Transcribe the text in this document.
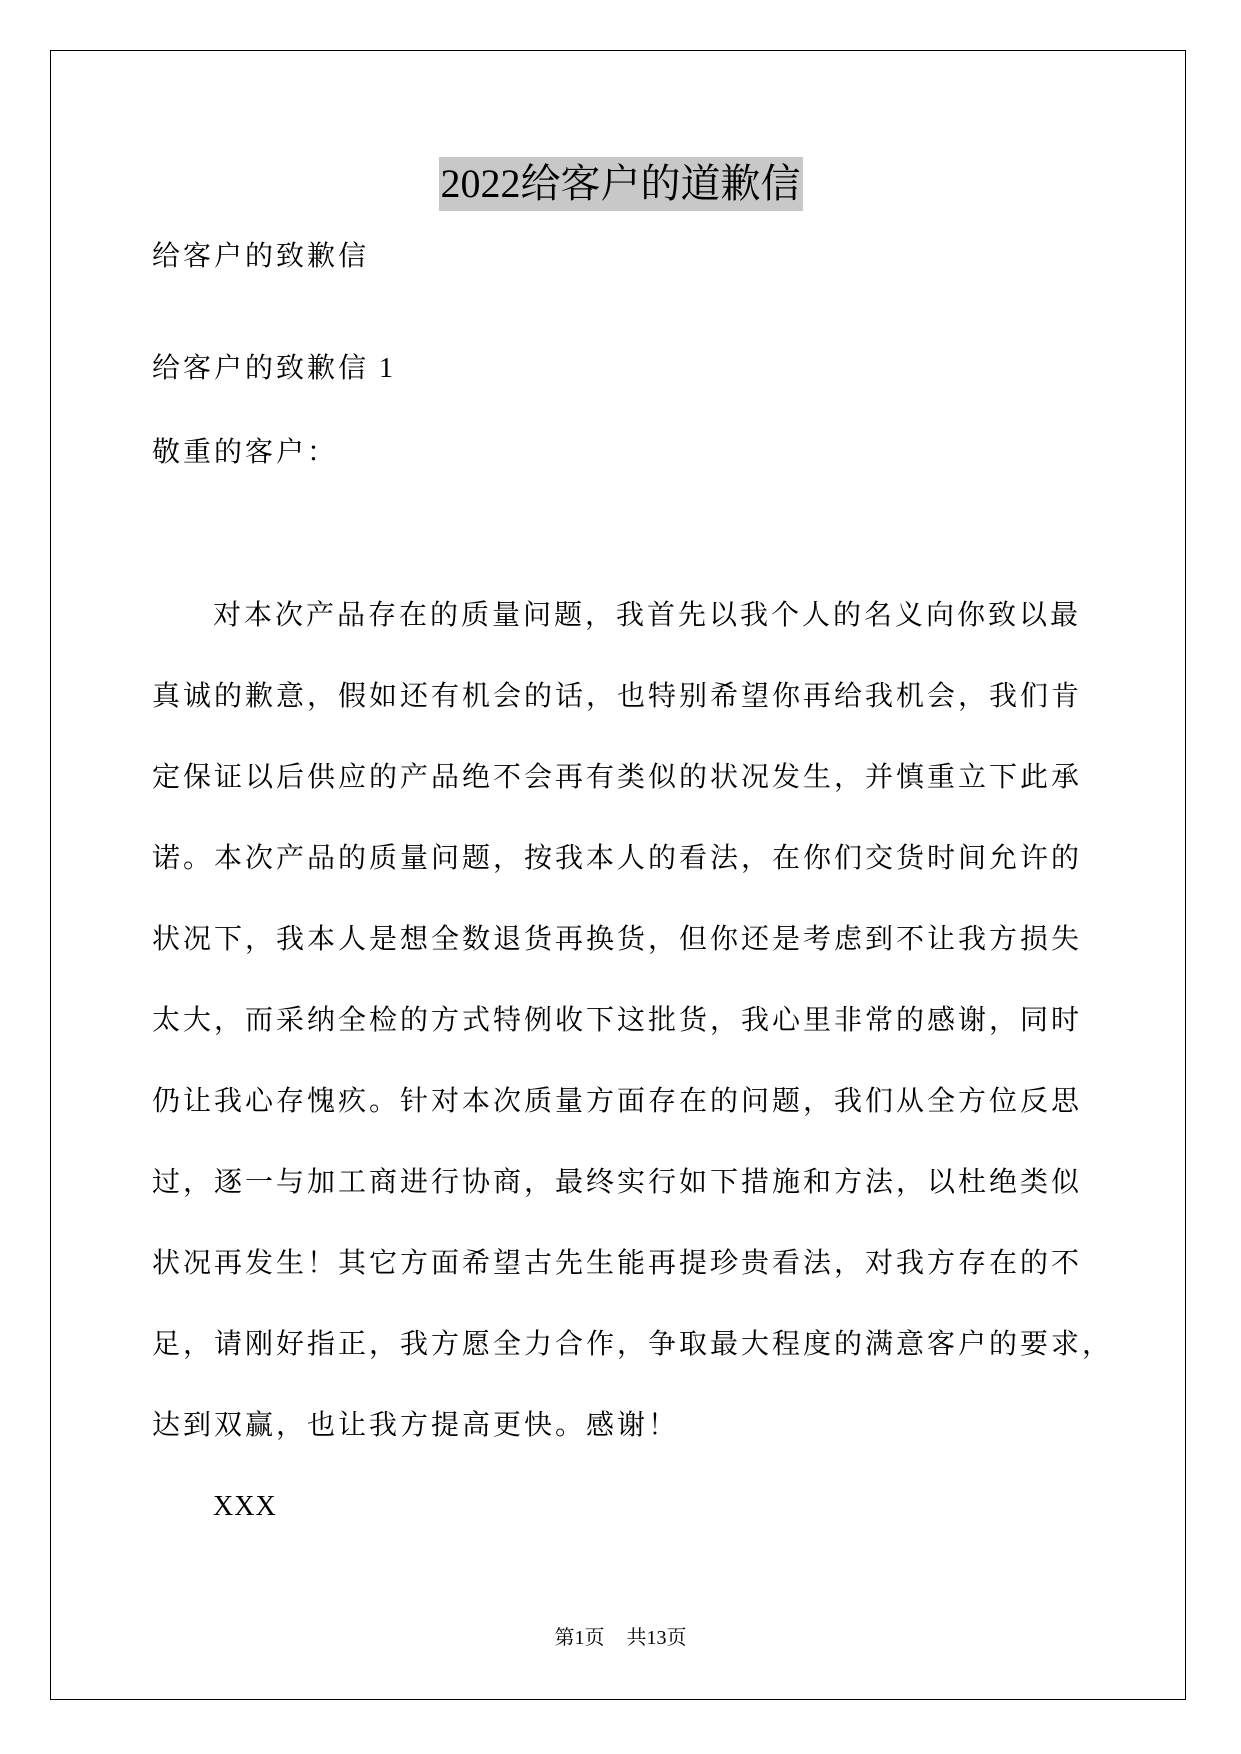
2022给客户的道歉信
给客户的致歉信
给客户的致歉信 1
敬重的客户：
对本次产品存在的质量问题，我首先以我个人的名义向你致以最
真诚的歉意，假如还有机会的话，也特别希望你再给我机会，我们肯
定保证以后供应的产品绝不会再有类似的状况发生，并慎重立下此承
诺。本次产品的质量问题，按我本人的看法，在你们交货时间允许的
状况下，我本人是想全数退货再换货，但你还是考虑到不让我方损失
太大，而采纳全检的方式特例收下这批货，我心里非常的感谢，同时
仍让我心存愧疚。针对本次质量方面存在的问题，我们从全方位反思
过，逐一与加工商进行协商，最终实行如下措施和方法，以杜绝类似
状况再发生！其它方面希望古先生能再提珍贵看法，对我方存在的不
足，请刚好指正，我方愿全力合作，争取最大程度的满意客户的要求，
达到双赢，也让我方提高更快。感谢！
XXX
第1页 共13页
